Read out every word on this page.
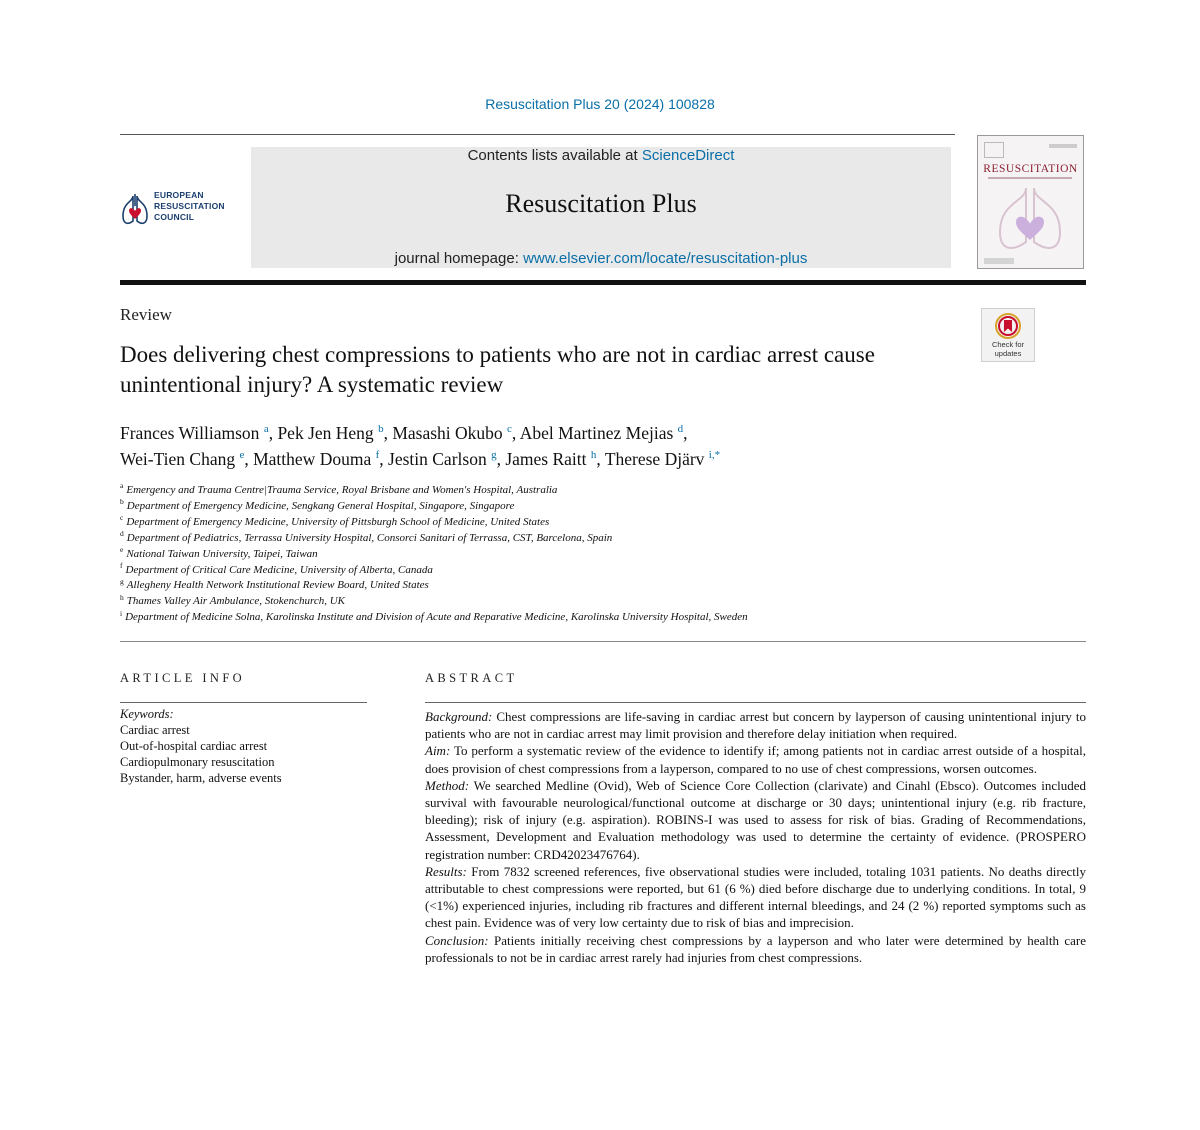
Resuscitation Plus 20 (2024) 100828
EUROPEAN
RESUSCITATION
COUNCIL
Contents lists available at ScienceDirect
Resuscitation Plus
journal homepage: www.elsevier.com/locate/resuscitation-plus
RESUSCITATION
Review
Check for
updates
Does delivering chest compressions to patients who are not in cardiac arrest cause unintentional injury? A systematic review
Frances Williamson $^a$, Pek Jen Heng $^b$, Masashi Okubo $^c$, Abel Martinez Mejias $^d$,
Wei-Tien Chang $^e$, Matthew Douma $^f$, Jestin Carlson $^g$, James Raitt $^h$, Therese Djärv $^{i,*}$
$^a$ Emergency and Trauma Centre|Trauma Service, Royal Brisbane and Women's Hospital, Australia
$^b$ Department of Emergency Medicine, Sengkang General Hospital, Singapore, Singapore
$^c$ Department of Emergency Medicine, University of Pittsburgh School of Medicine, United States
$^d$ Department of Pediatrics, Terrassa University Hospital, Consorci Sanitari of Terrassa, CST, Barcelona, Spain
$^e$ National Taiwan University, Taipei, Taiwan
$^f$ Department of Critical Care Medicine, University of Alberta, Canada
$^g$ Allegheny Health Network Institutional Review Board, United States
$^h$ Thames Valley Air Ambulance, Stokenchurch, UK
$^i$ Department of Medicine Solna, Karolinska Institute and Division of Acute and Reparative Medicine, Karolinska University Hospital, Sweden
ARTICLE INFO
Keywords:
Cardiac arrest
Out-of-hospital cardiac arrest
Cardiopulmonary resuscitation
Bystander, harm, adverse events
ABSTRACT

Background: Chest compressions are life-saving in cardiac arrest but concern by layperson of causing unintentional injury to patients who are not in cardiac arrest may limit provision and therefore delay initiation when required.

Aim: To perform a systematic review of the evidence to identify if; among patients not in cardiac arrest outside of a hospital, does provision of chest compressions from a layperson, compared to no use of chest compressions, worsen outcomes.

Method: We searched Medline (Ovid), Web of Science Core Collection (clarivate) and Cinahl (Ebsco). Outcomes included survival with favourable neurological/functional outcome at discharge or 30 days; unintentional injury (e.g. rib fracture, bleeding); risk of injury (e.g. aspiration). ROBINS-I was used to assess for risk of bias. Grading of Recommendations, Assessment, Development and Evaluation methodology was used to determine the certainty of evidence. (PROSPERO registration number: CRD42023476764).

Results: From 7832 screened references, five observational studies were included, totaling 1031 patients. No deaths directly attributable to chest compressions were reported, but 61 (6 %) died before discharge due to underlying conditions. In total, 9 (<1%) experienced injuries, including rib fractures and different internal bleedings, and 24 (2 %) reported symptoms such as chest pain. Evidence was of very low certainty due to risk of bias and imprecision.

Conclusion: Patients initially receiving chest compressions by a layperson and who later were determined by health care professionals to not be in cardiac arrest rarely had injuries from chest compressions.
